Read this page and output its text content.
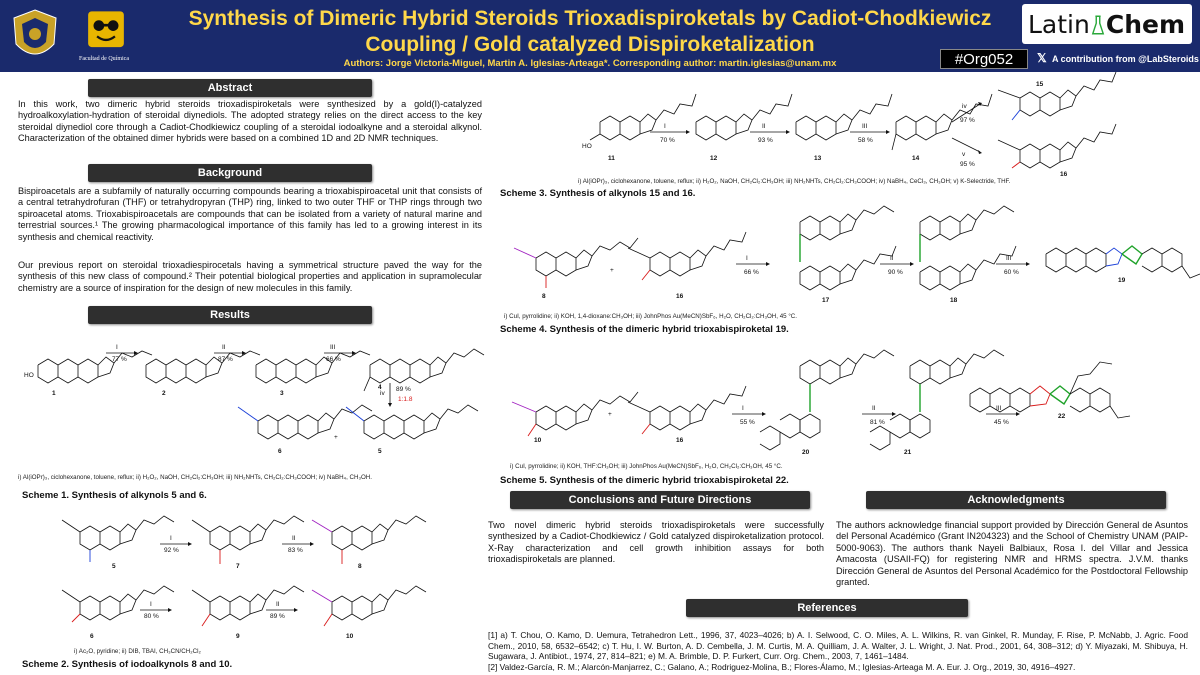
Facultad de Química
Synthesis of Dimeric Hybrid Steroids Trioxadispiroketals by Cadiot-Chodkiewicz
Coupling / Gold catalyzed Dispiroketalization
Authors: Jorge Victoria-Miguel, Martin A. Iglesias-Arteaga*. Corresponding author: martin.iglesias@unam.mx
Latin Chem
#Org052	𝕏 A contribution from @LabSteroids
Abstract
In this work, two dimeric hybrid steroids trioxadispiroketals were synthesized by a gold(I)-catalyzed hydroalkoxylation-hydration of steroidal diynediols. The adopted strategy relies on the direct access to the key steroidal diynediol core through a Cadiot-Chodkiewicz coupling of a steroidal iodoalkyne and a steroidal alkynol. Characterization of the obtained dimer hybrids were based on a combined 1D and 2D NMR techniques.
Background
Bispiroacetals are a subfamily of naturally occurring compounds bearing a trioxabispiroacetal unit that consists of a central tetrahydrofuran (THF) or tetrahydropyran (THP) ring, linked to two outer THF or THP rings through two spiroacetal atoms. Trioxabispiroacetals are compounds that can be isolated from a variety of natural marine and terrestrial sources.¹ The growing pharmacological importance of this family has led to a growing interest in its synthesis and chemical reactivity.
Our previous report on steroidal trioxadiespirocetals having a symmetrical structure paved the way for the synthesis of this new class of compound.² Their potential biological properties and application in supramolecular chemistry are a source of inspiration for the design of new molecules in this family.
Results
HO
1
I
77 %
2
II
87 %
3
III
66 %
4
iv
89 %
1:1.8
6
+
5
i) Al(iOPr)₃, ciclohexanone, toluene, reflux; ii) H₂O₂, NaOH, CH₂Cl₂:CH₃OH; iii) NH₂NHTs, CH₂Cl₂:CH₃COOH; iv) NaBH₄, CH₃OH.
Scheme 1. Synthesis of alkynols 5 and 6.
5
I
92 %
7
II
83 %
8
6
I
80 %
9
II
89 %
10
i) Ac₂O, pyridine; ii) DIB, TBAI, CH₃CN/CH₂Cl₂
Scheme 2. Synthesis of iodoalkynols 8 and 10.
HO
11
I
70 %
12
II
93 %
13
III
58 %
14
iv
97 %
v
95 %
15
16
i) Al(iOPr)₃, ciclohexanone, toluene, reflux; ii) H₂O₂, NaOH, CH₂Cl₂:CH₃OH; iii) NH₂NHTs, CH₂Cl₂:CH₃COOH; iv) NaBH₄, CeCl₃, CH₃OH; v) K-Selectride, THF.
Scheme 3. Synthesis of alkynols 15 and 16.
8
+
16
I
66 %
17
II
90 %
18
III
60 %
19
i) CuI, pyrrolidine; ii) KOH, 1,4-dioxane:CH₃OH; iii) JohnPhos Au(MeCN)SbF₆, H₂O, CH₂Cl₂:CH₃OH, 45 °C.
Scheme 4. Synthesis of the dimeric hybrid trioxabispiroketal 19.
10
+
16
I
55 %
20
II
81 %
21
III
45 %
22
i) CuI, pyrrolidine; ii) KOH, THF:CH₃OH; iii) JohnPhos Au(MeCN)SbF₆, H₂O, CH₂Cl₂:CH₃OH, 45 °C.
Scheme 5. Synthesis of the dimeric hybrid trioxabispiroketal 22.
Conclusions and Future Directions
Two novel dimeric hybrid steroids trioxadispiroketals were successfully synthesized by a Cadiot-Chodkiewicz / Gold catalyzed dispiroketalization protocol. X-Ray characterization and cell growth inhibition assays for both trioxadispiroketals are planned.
Acknowledgments
The authors acknowledge financial support provided by Dirección General de Asuntos del Personal Académico (Grant IN204323) and the School of Chemistry UNAM (PAIP-5000-9063). The authors thank Nayeli Balbiaux, Rosa I. del Villar and Jessica Amacosta (USAII-FQ) for registering NMR and HRMS spectra. J.V.M. thanks Dirección General de Asuntos del Personal Académico for the Postdoctoral Fellowship granted.
References
[1] a) T. Chou, O. Kamo, D. Uemura, Tetrahedron Lett., 1996, 37, 4023–4026; b) A. I. Selwood, C. O. Miles, A. L. Wilkins, R. van Ginkel, R. Munday, F. Rise, P. McNabb, J. Agric. Food Chem., 2010, 58, 6532–6542; c) T. Hu, I. W. Burton, A. D. Cembella, J. M. Curtis, M. A. Quilliam, J. A. Walter, J. L. Wright, J. Nat. Prod., 2001, 64, 308–312; d) Y. Miyazaki, M. Shibuya, H. Sugawara, J. Antibiot., 1974, 27, 814–821; e) M. A. Brimble, D. P. Furkert, Curr. Org. Chem., 2003, 7, 1461–1484.
[2] Valdez-García, R. M.; Alarcón-Manjarrez, C.; Galano, A.; Rodriguez-Molina, B.; Flores-Álamo, M.; Iglesias-Arteaga M. A. Eur. J. Org., 2019, 30, 4916–4927.
